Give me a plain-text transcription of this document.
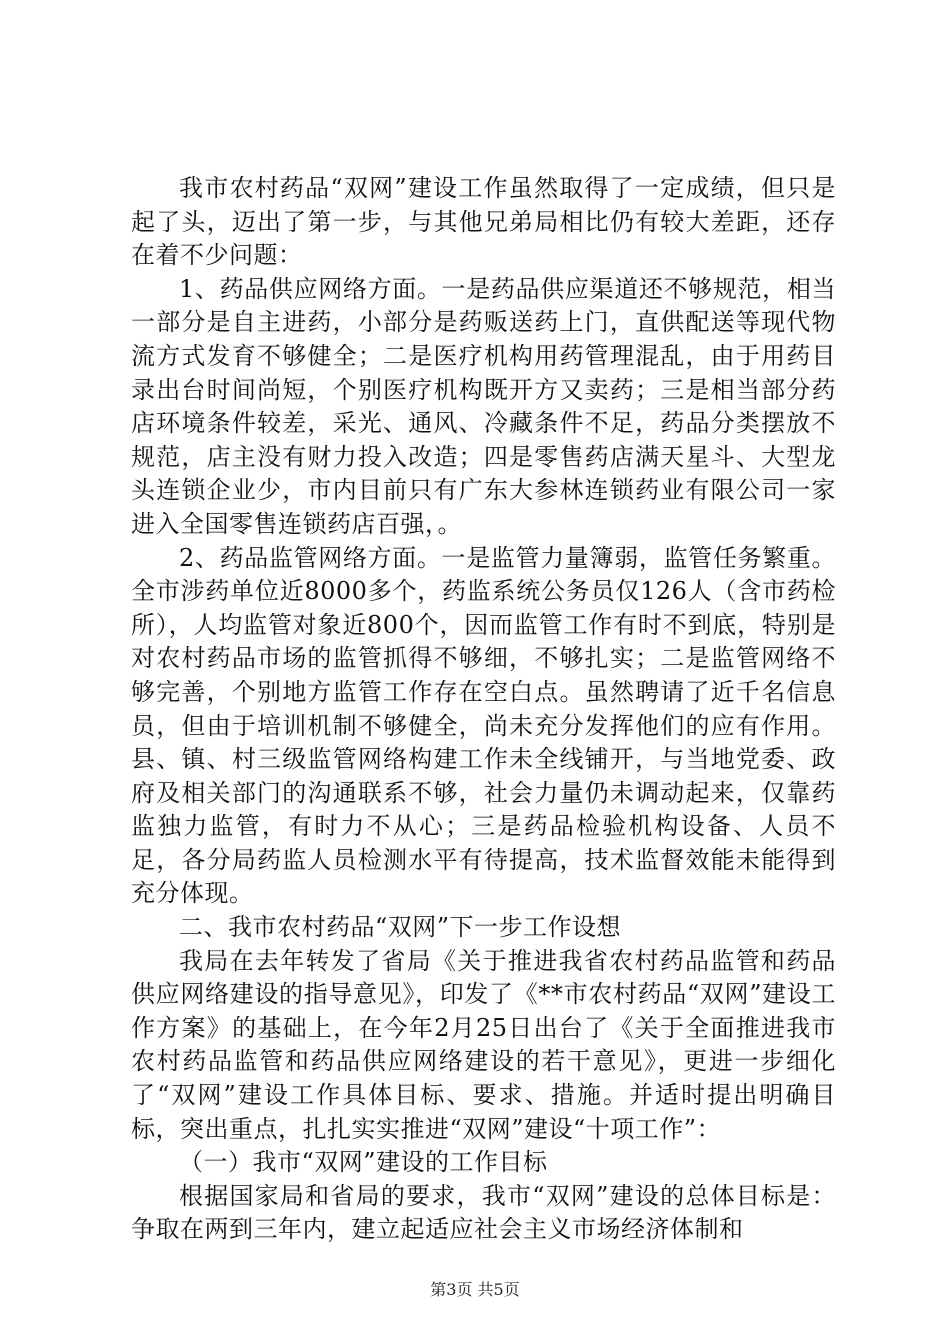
我市农村药品“双网”建设工作虽然取得了一定成绩，但只是起了头，迈出了第一步，与其他兄弟局相比仍有较大差距，还存在着不少问题：

1、药品供应网络方面。一是药品供应渠道还不够规范，相当一部分是自主进药，小部分是药贩送药上门，直供配送等现代物流方式发育不够健全；二是医疗机构用药管理混乱，由于用药目录出台时间尚短，个别医疗机构既开方又卖药；三是相当部分药店环境条件较差，采光、通风、冷藏条件不足，药品分类摆放不规范，店主没有财力投入改造；四是零售药店满天星斗、大型龙头连锁企业少，市内目前只有广东大参林连锁药业有限公司一家进入全国零售连锁药店百强，。

2、药品监管网络方面。一是监管力量簿弱，监管任务繁重。全市涉药单位近8000多个，药监系统公务员仅126人（含市药检所），人均监管对象近800个，因而监管工作有时不到底，特别是对农村药品市场的监管抓得不够细，不够扎实；二是监管网络不够完善，个别地方监管工作存在空白点。虽然聘请了近千名信息员，但由于培训机制不够健全，尚未充分发挥他们的应有作用。县、镇、村三级监管网络构建工作未全线铺开，与当地党委、政府及相关部门的沟通联系不够，社会力量仍未调动起来，仅靠药监独力监管，有时力不从心；三是药品检验机构设备、人员不足，各分局药监人员检测水平有待提高，技术监督效能未能得到充分体现。

二、我市农村药品“双网”下一步工作设想

我局在去年转发了省局《关于推进我省农村药品监管和药品供应网络建设的指导意见》，印发了《**市农村药品“双网”建设工作方案》的基础上，在今年2月25日出台了《关于全面推进我市农村药品监管和药品供应网络建设的若干意见》，更进一步细化了“双网”建设工作具体目标、要求、措施。并适时提出明确目标，突出重点，扎扎实实推进“双网”建设“十项工作”：

（一）我市“双网”建设的工作目标

根据国家局和省局的要求，我市“双网”建设的总体目标是：争取在两到三年内，建立起适应社会主义市场经济体制和

第3页 共5页
